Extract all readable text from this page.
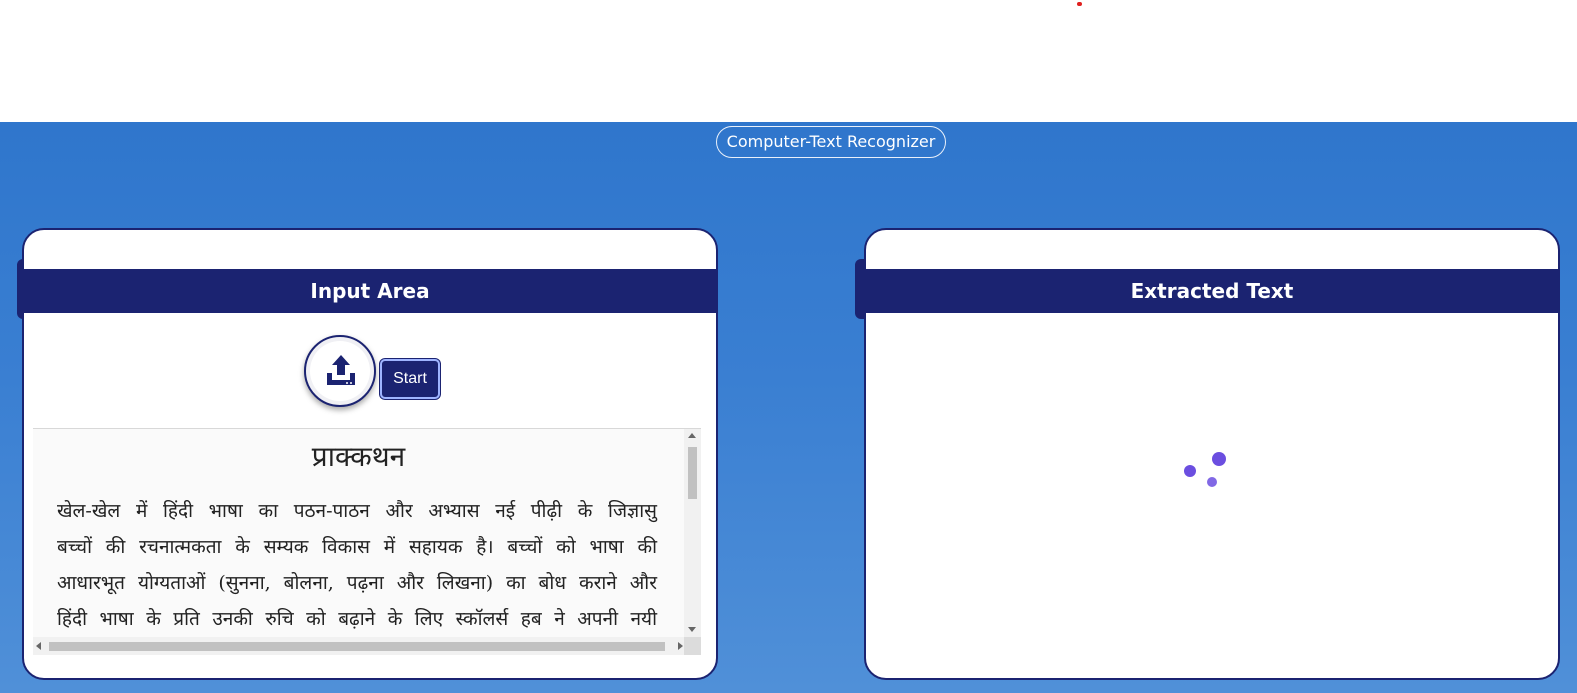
Computer-Text Recognizer
Input Area
Start
प्राक्कथन
खेल-खेल में हिंदी भाषा का पठन-पाठन और अभ्यास नई पीढ़ी के जिज्ञासु
बच्चों की रचनात्मकता के सम्यक विकास में सहायक है। बच्चों को भाषा की
आधारभूत योग्यताओं (सुनना, बोलना, पढ़ना और लिखना) का बोध कराने और
हिंदी भाषा के प्रति उनकी रुचि को बढ़ाने के लिए स्कॉलर्स हब ने अपनी नयी
Extracted Text
